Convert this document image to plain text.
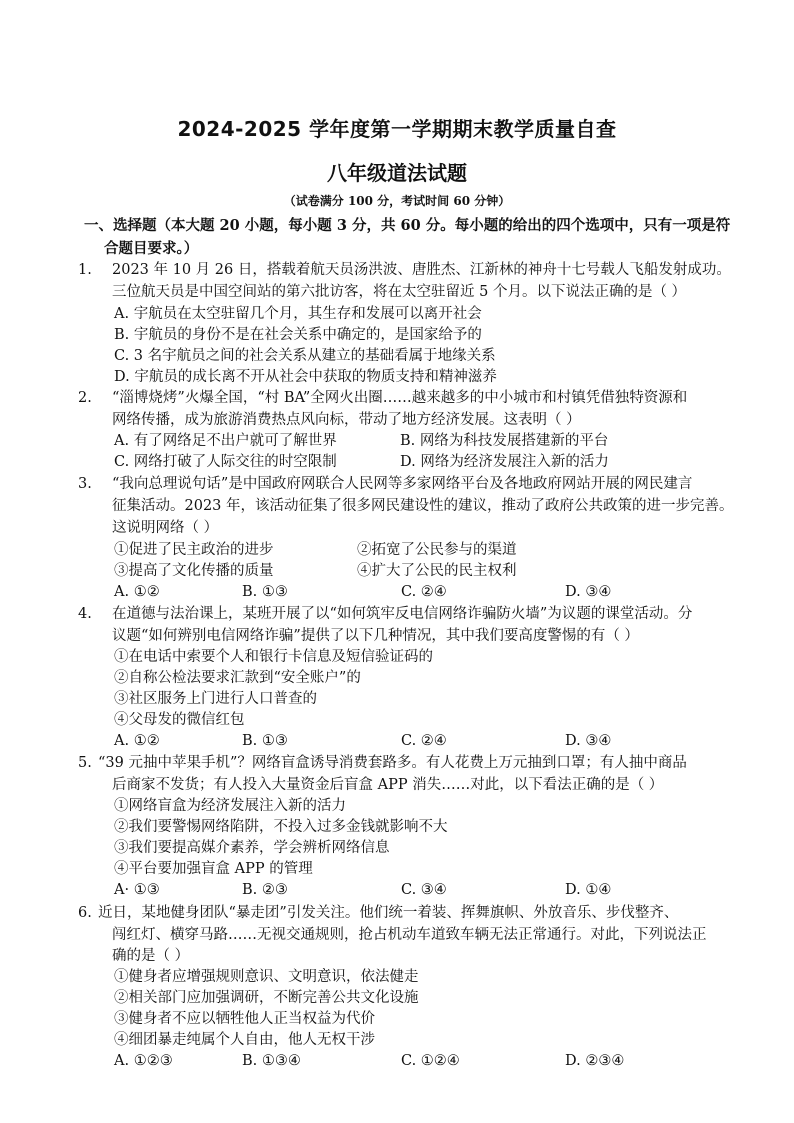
2024-2025 学年度第一学期期末教学质量自查
八年级道法试题
（试卷满分 100 分，考试时间 60 分钟）
一、选择题（本大题 20 小题，每小题 3 分，共 60 分。每小题的给出的四个选项中，只有一项是符
合题目要求。）
1. 2023 年 10 月 26 日，搭载着航天员汤洪波、唐胜杰、江新林的神舟十七号载人飞船发射成功。
三位航天员是中国空间站的第六批访客，将在太空驻留近 5 个月。以下说法正确的是（ ）
A. 宇航员在太空驻留几个月，其生存和发展可以离开社会
B. 宇航员的身份不是在社会关系中确定的，是国家给予的
C. 3 名宇航员之间的社会关系从建立的基础看属于地缘关系
D. 宇航员的成长离不开从社会中获取的物质支持和精神滋养
2. “淄博烧烤”火爆全国，“村 BA”全网火出圈……越来越多的中小城市和村镇凭借独特资源和
网络传播，成为旅游消费热点风向标，带动了地方经济发展。这表明（ ）
A. 有了网络足不出户就可了解世界	B. 网络为科技发展搭建新的平台
C. 网络打破了人际交往的时空限制	D. 网络为经济发展注入新的活力
3. “我向总理说句话”是中国政府网联合人民网等多家网络平台及各地政府网站开展的网民建言
征集活动。2023 年，该活动征集了很多网民建设性的建议，推动了政府公共政策的进一步完善。
这说明网络（ ）
①促进了民主政治的进步	②拓宽了公民参与的渠道
③提高了文化传播的质量	④扩大了公民的民主权利
A. ①②	B. ①③	C. ②④	D. ③④
4. 在道德与法治课上，某班开展了以“如何筑牢反电信网络诈骗防火墙”为议题的课堂活动。分
议题“如何辨别电信网络诈骗”提供了以下几种情况，其中我们要高度警惕的有（ ）
①在电话中索要个人和银行卡信息及短信验证码的
②自称公检法要求汇款到“安全账户”的
③社区服务上门进行人口普查的
④父母发的微信红包
A. ①②	B. ①③	C. ②④	D. ③④
5. “39 元抽中苹果手机”？网络盲盒诱导消费套路多。有人花费上万元抽到口罩；有人抽中商品
后商家不发货；有人投入大量资金后盲盒 APP 消失……对此，以下看法正确的是（ ）
①网络盲盒为经济发展注入新的活力
②我们要警惕网络陷阱，不投入过多金钱就影响不大
③我们要提高媒介素养，学会辨析网络信息
④平台要加强盲盒 APP 的管理
A· ①③	B. ②③	C. ③④	D. ①④
6. 近日，某地健身团队“暴走团”引发关注。他们统一着装、挥舞旗帜、外放音乐、步伐整齐、
闯红灯、横穿马路……无视交通规则，抢占机动车道致车辆无法正常通行。对此，下列说法正
确的是（ ）
①健身者应增强规则意识、文明意识，依法健走
②相关部门应加强调研，不断完善公共文化设施
③健身者不应以牺牲他人正当权益为代价
④细团暴走纯属个人自由，他人无权干涉
A. ①②③	B. ①③④	C. ①②④	D. ②③④
